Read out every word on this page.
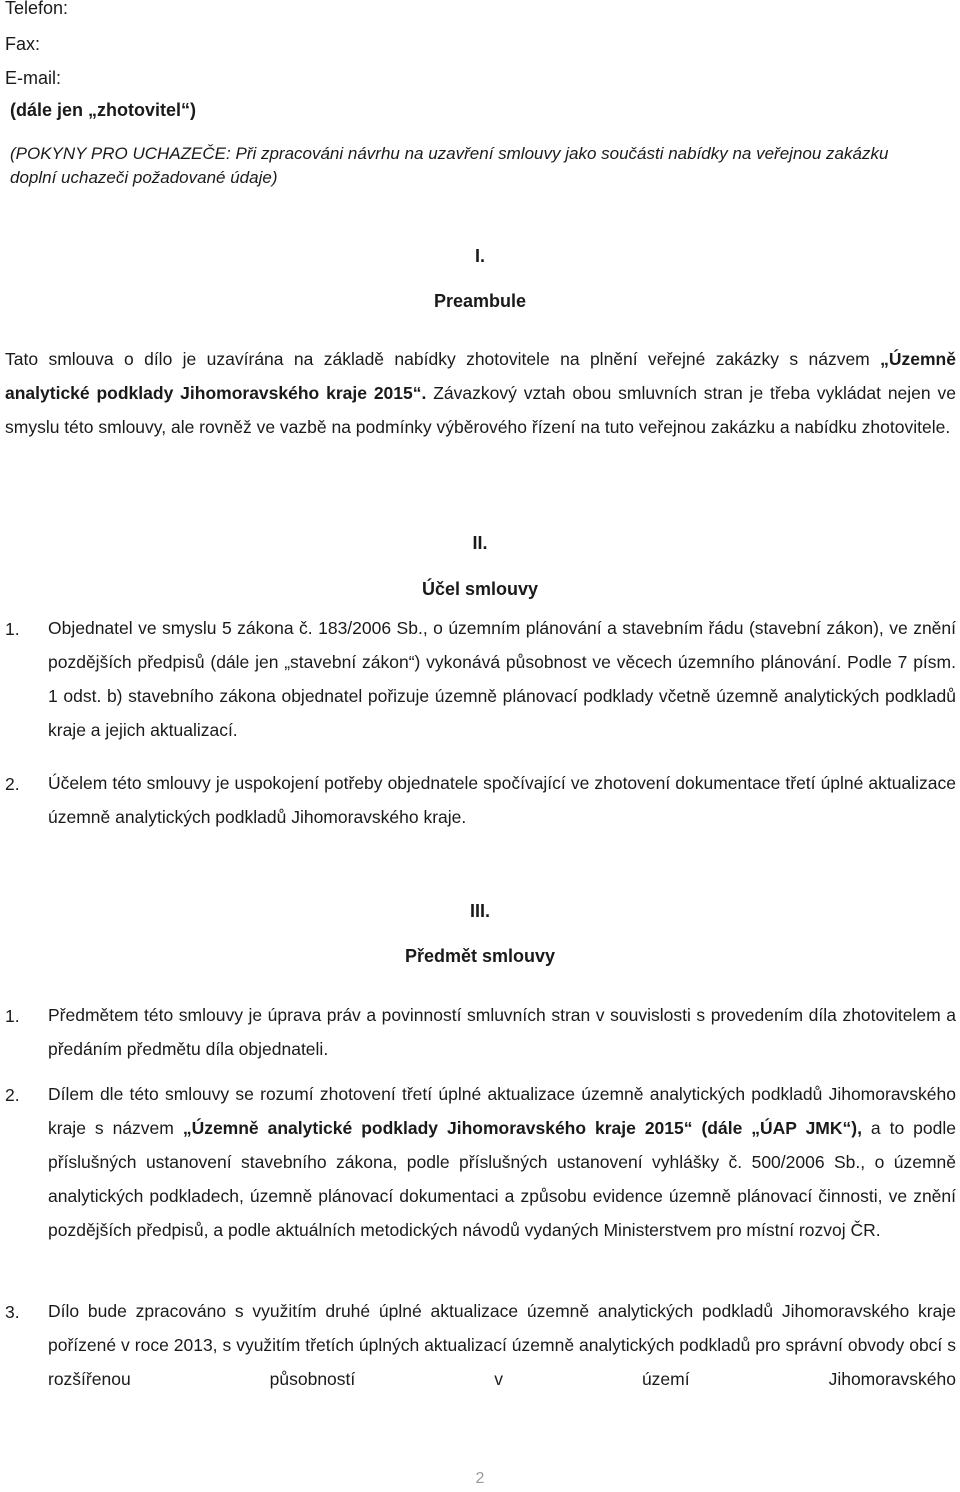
Telefon:
Fax:
E-mail:
(dále jen „zhotovitel“)
(POKYNY PRO UCHAZEČE: Při zpracováni návrhu na uzavření smlouvy jako součásti nabídky na veřejnou zakázku doplní uchazeči požadované údaje)
I.
Preambule
Tato smlouva o dílo je uzavírána na základě nabídky zhotovitele na plnění veřejné zakázky s názvem „Územně analytické podklady Jihomoravského kraje 2015“. Závazkový vztah obou smluvních stran je třeba vykládat nejen ve smyslu této smlouvy, ale rovněž ve vazbě na podmínky výběrového řízení na tuto veřejnou zakázku a nabídku zhotovitele.
II.
Účel smlouvy
1. Objednatel ve smyslu 5 zákona č. 183/2006 Sb., o územním plánování a stavebním řádu (stavební zákon), ve znění pozdějších předpisů (dále jen „stavební zákon“) vykonává působnost ve věcech územního plánování. Podle 7 písm. 1 odst. b) stavebního zákona objednatel pořizuje územně plánovací podklady včetně územně analytických podkladů kraje a jejich aktualizací.
2. Účelem této smlouvy je uspokojení potřeby objednatele spočívající ve zhotovení dokumentace třetí úplné aktualizace územně analytických podkladů Jihomoravského kraje.
III.
Předmět smlouvy
1. Předmětem této smlouvy je úprava práv a povinností smluvních stran v souvislosti s provedením díla zhotovitelem a předáním předmětu díla objednateli.
2. Dílem dle této smlouvy se rozumí zhotovení třetí úplné aktualizace územně analytických podkladů Jihomoravského kraje s názvem „Územně analytické podklady Jihomoravského kraje 2015“ (dále „ÚAP JMK“), a to podle příslušných ustanovení stavebního zákona, podle příslušných ustanovení vyhlášky č. 500/2006 Sb., o územně analytických podkladech, územně plánovací dokumentaci a způsobu evidence územně plánovací činnosti, ve znění pozdějších předpisů, a podle aktuálních metodických návodů vydaných Ministerstvem pro místní rozvoj ČR.
3. Dílo bude zpracováno s využitím druhé úplné aktualizace územně analytických podkladů Jihomoravského kraje pořízené v roce 2013, s využitím třetích úplných aktualizací územně analytických podkladů pro správní obvody obcí s rozšířenou působností v území Jihomoravského
2
